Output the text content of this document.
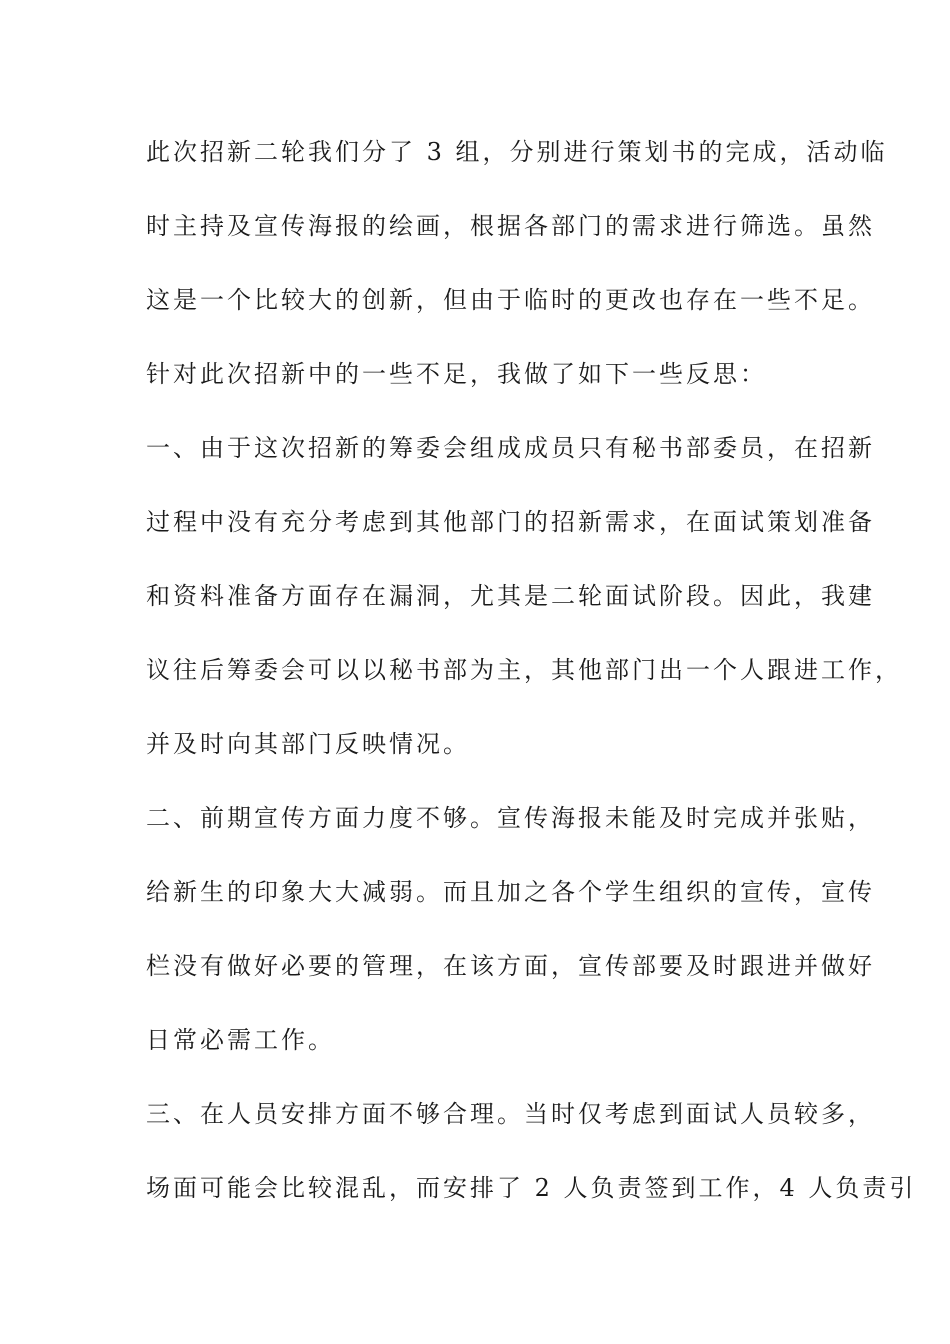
此次招新二轮我们分了 3 组，分别进行策划书的完成，活动临
时主持及宣传海报的绘画，根据各部门的需求进行筛选。虽然
这是一个比较大的创新，但由于临时的更改也存在一些不足。
针对此次招新中的一些不足，我做了如下一些反思：
一、由于这次招新的筹委会组成成员只有秘书部委员，在招新
过程中没有充分考虑到其他部门的招新需求，在面试策划准备
和资料准备方面存在漏洞，尤其是二轮面试阶段。因此，我建
议往后筹委会可以以秘书部为主，其他部门出一个人跟进工作，
并及时向其部门反映情况。
二、前期宣传方面力度不够。宣传海报未能及时完成并张贴，
给新生的印象大大减弱。而且加之各个学生组织的宣传，宣传
栏没有做好必要的管理，在该方面，宣传部要及时跟进并做好
日常必需工作。
三、在人员安排方面不够合理。当时仅考虑到面试人员较多，
场面可能会比较混乱，而安排了 2 人负责签到工作，4 人负责引
